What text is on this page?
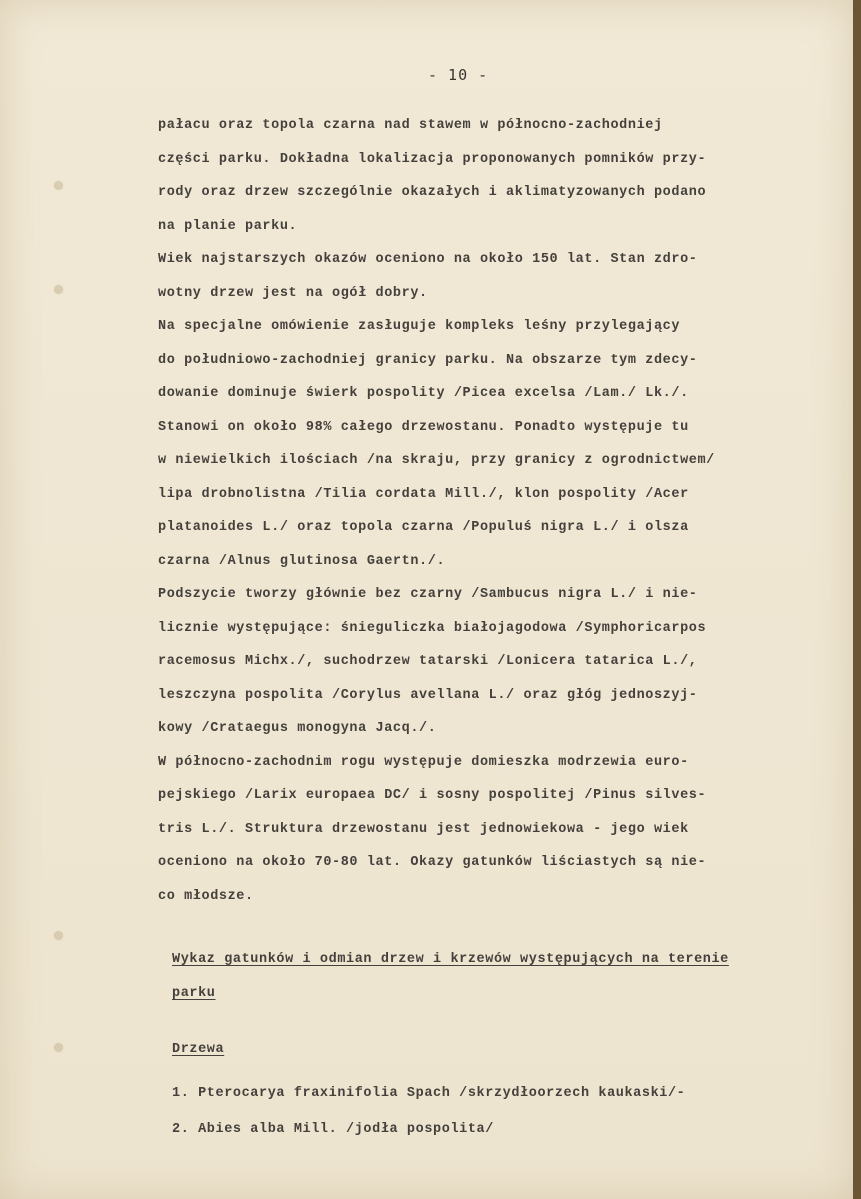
- 10 -
pałacu oraz topola czarna nad stawem w północno-zachodniej
części parku. Dokładna lokalizacja proponowanych pomników przy-
rody oraz drzew szczególnie okazałych i aklimatyzowanych podano
na planie parku.
Wiek najstarszych okazów oceniono na około 150 lat. Stan zdro-
wotny drzew jest na ogół dobry.
Na specjalne omówienie zasługuje kompleks leśny przylegający
do południowo-zachodniej granicy parku. Na obszarze tym zdecy-
dowanie dominuje świerk pospolity /Picea excelsa /Lam./ Lk./.
Stanowi on około 98% całego drzewostanu. Ponadto występuje tu
w niewielkich ilościach /na skraju, przy granicy z ogrodnictwem/
lipa drobnolistna /Tilia cordata Mill./, klon pospolity /Acer
platanoides L./ oraz topola czarna /Populuś nigra L./ i olsza
czarna /Alnus glutinosa Gaertn./.
Podszycie tworzy głównie bez czarny /Sambucus nigra L./ i nie-
licznie występujące: śnieguliczka białojagodowa /Symphoricarpos
racemosus Michx./, suchodrzew tatarski /Lonicera tatarica L./,
leszczyna pospolita /Corylus avellana L./ oraz głóg jednoszyj-
kowy /Crataegus monogyna Jacq./.
W północno-zachodnim rogu występuje domieszka modrzewia euro-
pejskiego /Larix europaea DC/ i sosny pospolitej /Pinus silves-
tris L./. Struktura drzewostanu jest jednowiekowa - jego wiek
oceniono na około 70-80 lat. Okazy gatunków liściastych są nie-
co młodsze.
Wykaz gatunków i odmian drzew i krzewów występujących na terenie
parku
Drzewa
1. Pterocarya fraxinifolia Spach /skrzydłoorzech kaukaski/-
2. Abies alba Mill. /jodła pospolita/
